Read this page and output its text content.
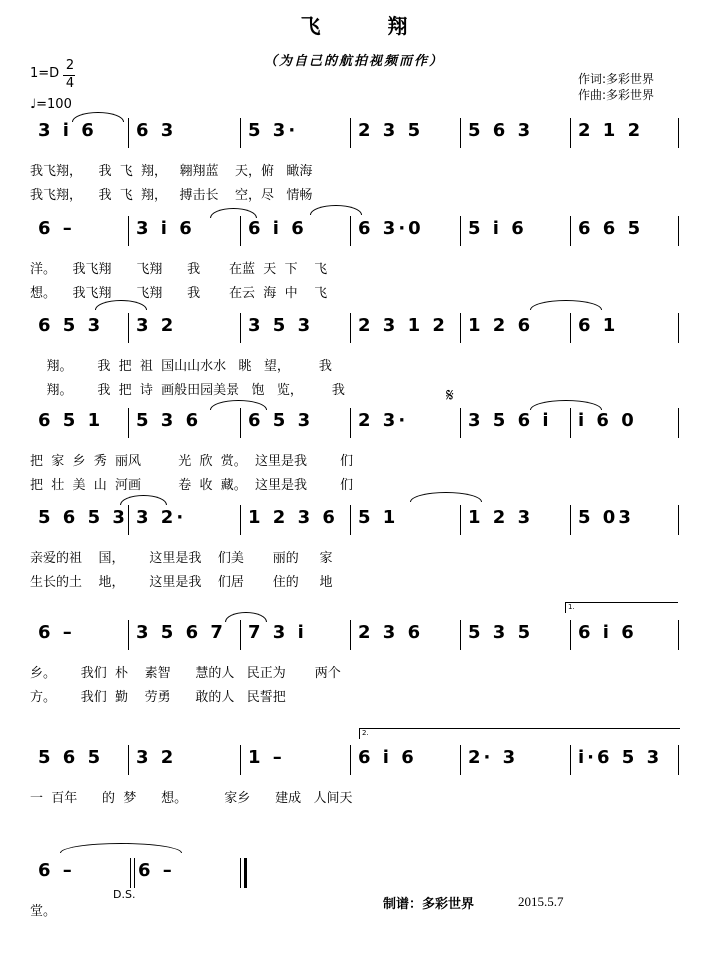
飞 翔
（为自己的航拍视频而作）
1=D
2
4
♩=100
作词:多彩世界
作曲:多彩世界
3 i 6 6 3	5 3·	2 3 5 5 6 3 2 1 2
我飞翔，    我  飞  翔，   翱翔蓝    天，俯   瞰海
我飞翔，    我  飞  翔，   搏击长    空，尽   情畅
6 –	3 i 6	6 i 6	6 3·0 5 i 6	6 6 5
洋。    我飞翔      飞翔      我       在蓝  天  下    飞
想。    我飞翔      飞翔      我       在云  海  中    飞
6 5 3 3 2	3 5 3 2 3 1 2 1 2 6 6 1
翔。      我  把  祖  国山山水水   眺   望，       我
翔。      我  把  诗  画般田园美景   饱   览，       我
6 5 1 5 3 6	6 5 3 2 3·	3 5 6 i i 6 0
把  家  乡  秀  丽风         光  欣  赏。  这里是我        们
把  壮  美  山  河画         卷  收  藏。  这里是我        们
5 6 5 3 3 2·	1 2 3 6 5 1	1 2 3 5 03
亲爱的祖    国，      这里是我    们美       丽的     家
生长的土    地，      这里是我    们居       住的     地
6 –	3 5 6 7 7 3 i	2 3 6 5 3 5 6 i 6
乡。      我们  朴    素智      慧的人   民正为       两个
方。      我们  勤    劳勇      敢的人   民誓把
5 6 5 3 2	1 –	6 i 6	2· 3	i·6 5 3
一  百年      的  梦      想。         家乡      建成   人间天
6 –	6 –
堂。
𝄋
D.S.
1.
2.
制谱：多彩世界	2015.5.7
